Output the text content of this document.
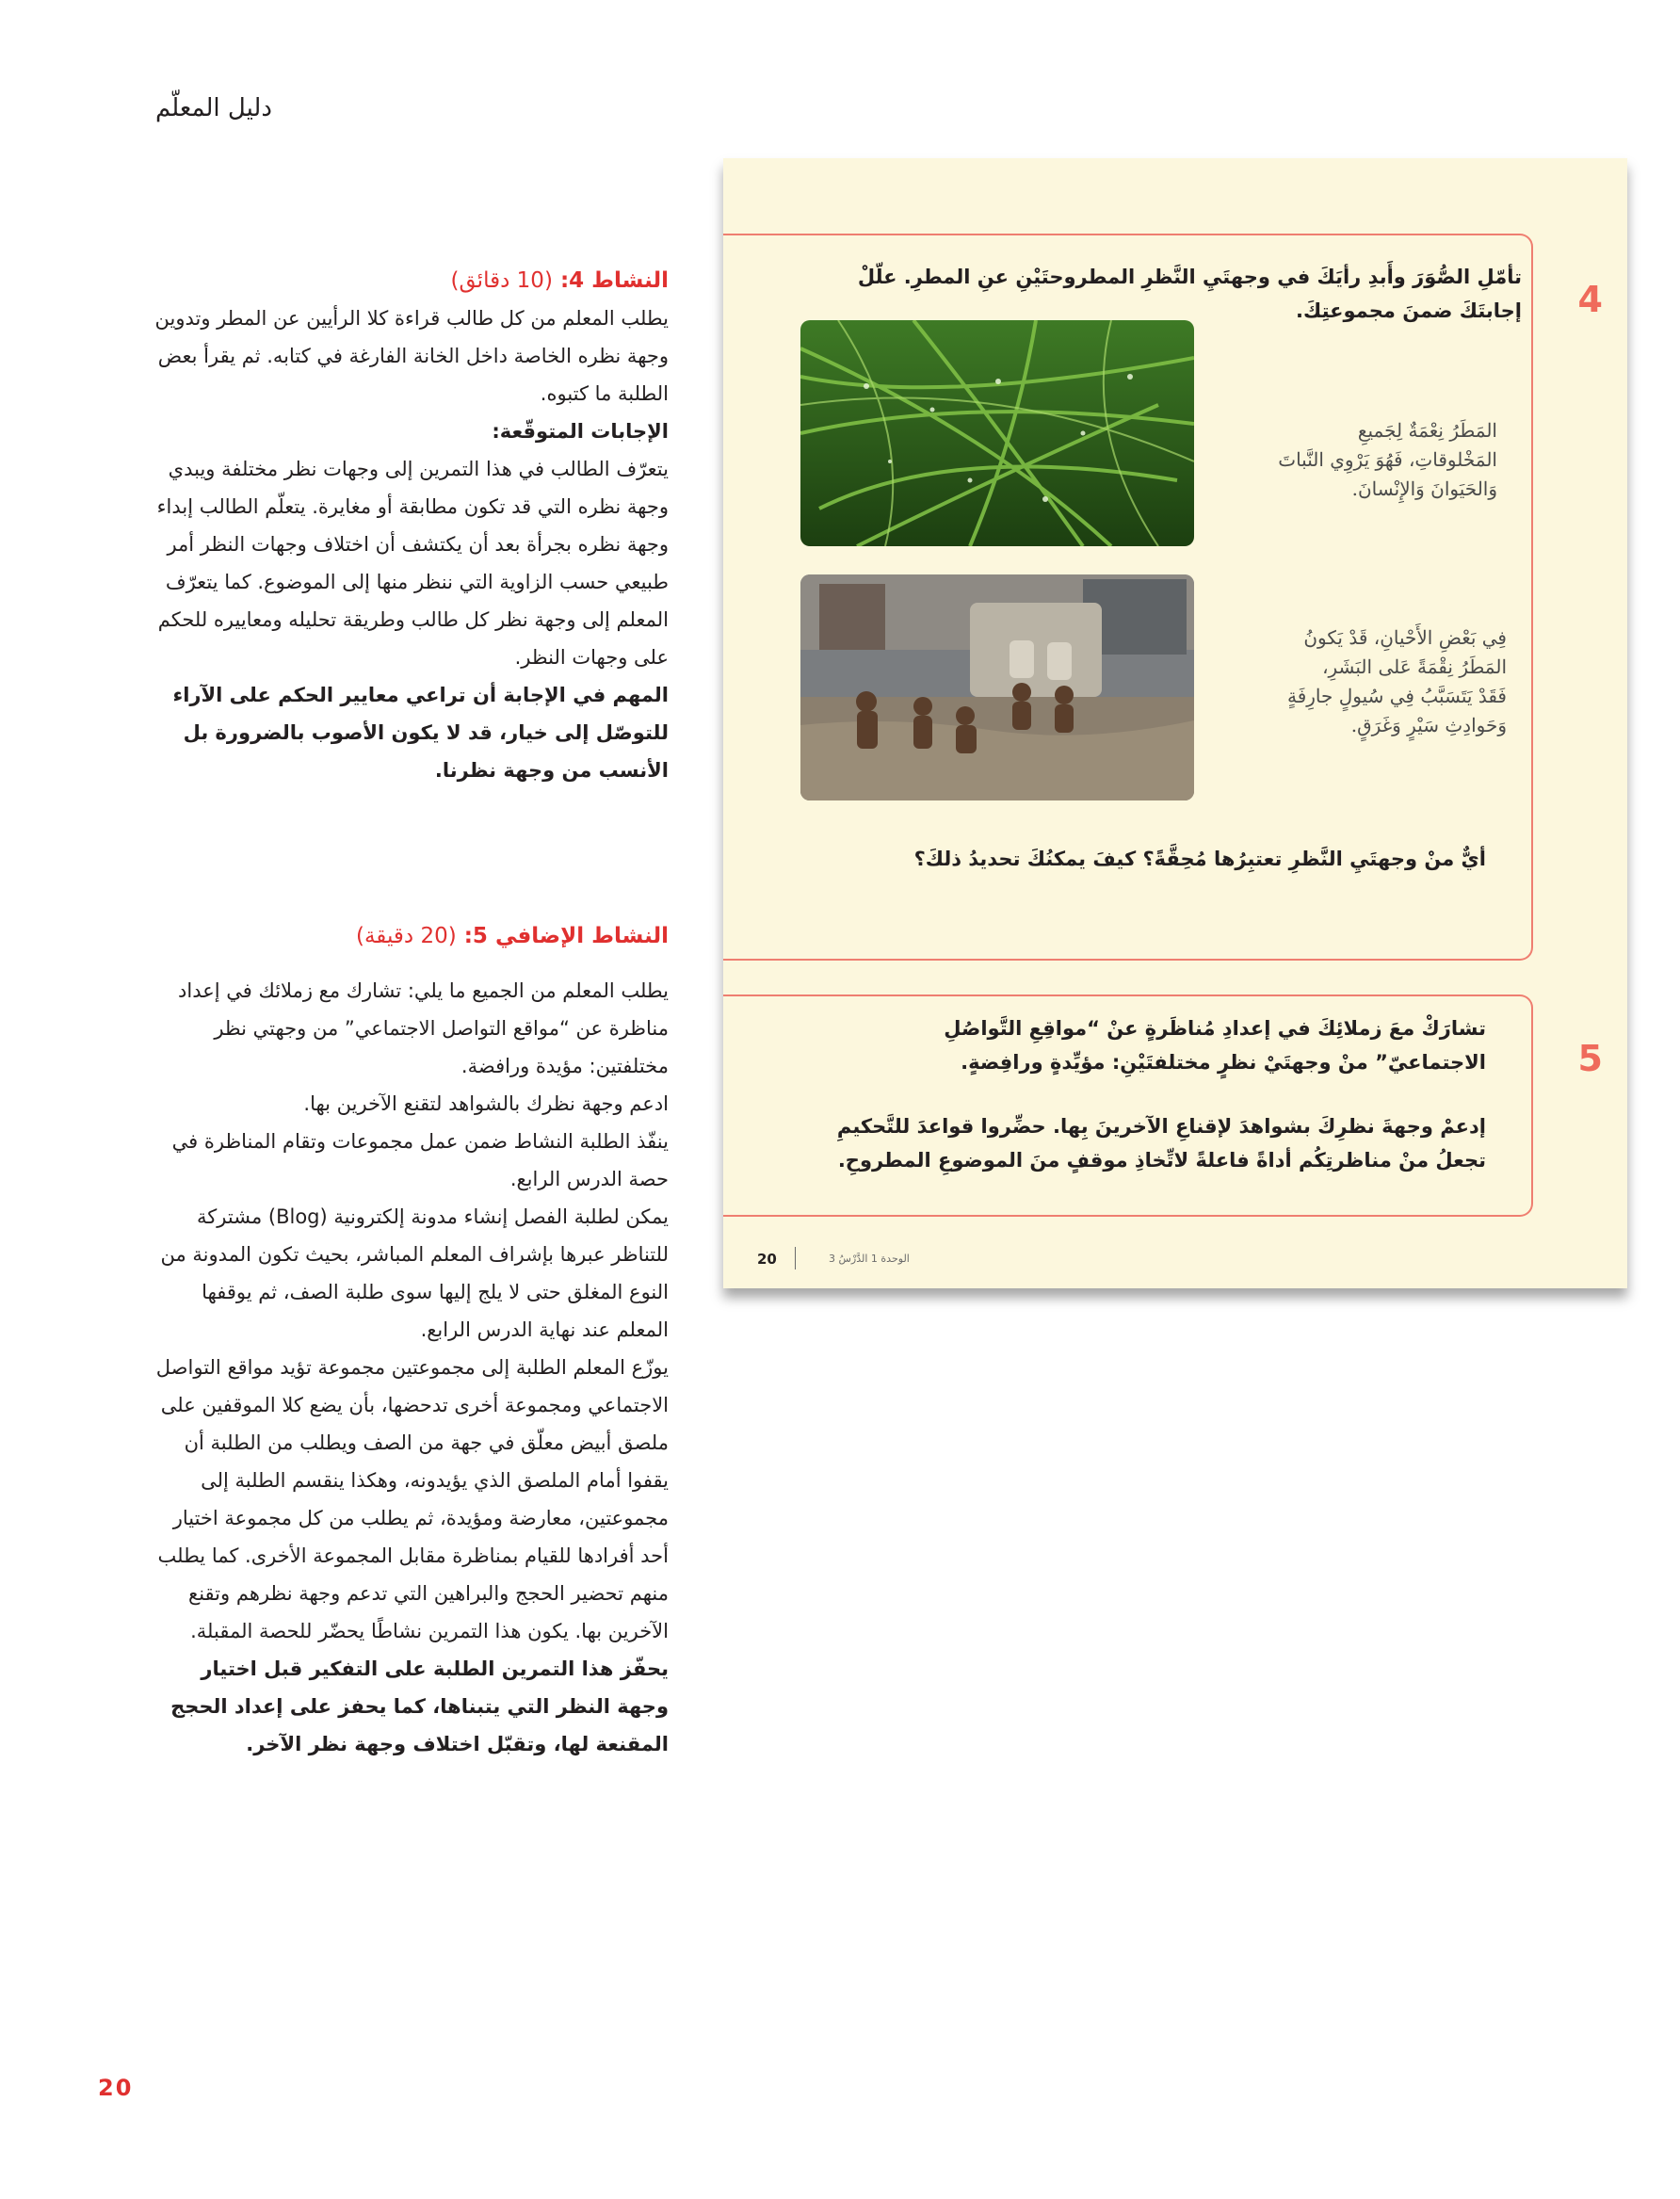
دليل المعلّم

النشاط 4: (10 دقائق)

يطلب المعلم من كل طالب قراءة كلا الرأيين عن المطر وتدوين وجهة نظره الخاصة داخل الخانة الفارغة في كتابه. ثم يقرأ بعض الطلبة ما كتبوه.

الإجابات المتوقّعة:

يتعرّف الطالب في هذا التمرين إلى وجهات نظر مختلفة ويبدي وجهة نظره التي قد تكون مطابقة أو مغايرة. يتعلّم الطالب إبداء وجهة نظره بجرأة بعد أن يكتشف أن اختلاف وجهات النظر أمر طبيعي حسب الزاوية التي ننظر منها إلى الموضوع. كما يتعرّف المعلم إلى وجهة نظر كل طالب وطريقة تحليله ومعاييره للحكم على وجهات النظر.

المهم في الإجابة أن تراعي معايير الحكم على الآراء للتوصّل إلى خيار، قد لا يكون الأصوب بالضرورة بل الأنسب من وجهة نظرنا.

النشاط الإضافي 5: (20 دقيقة)

يطلب المعلم من الجميع ما يلي: تشارك مع زملائك في إعداد مناظرة عن “مواقع التواصل الاجتماعي” من وجهتي نظر مختلفتين: مؤيدة ورافضة.

ادعم وجهة نظرك بالشواهد لتقنع الآخرين بها.

ينفّذ الطلبة النشاط ضمن عمل مجموعات وتقام المناظرة في حصة الدرس الرابع.

يمكن لطلبة الفصل إنشاء مدونة إلكترونية (Blog) مشتركة للتناظر عبرها بإشراف المعلم المباشر، بحيث تكون المدونة من النوع المغلق حتى لا يلج إليها سوى طلبة الصف، ثم يوقفها المعلم عند نهاية الدرس الرابع.

يوزّع المعلم الطلبة إلى مجموعتين مجموعة تؤيد مواقع التواصل الاجتماعي ومجموعة أخرى تدحضها، بأن يضع كلا الموقفين على ملصق أبيض معلّق في جهة من الصف ويطلب من الطلبة أن يقفوا أمام الملصق الذي يؤيدونه، وهكذا ينقسم الطلبة إلى مجموعتين، معارضة ومؤيدة، ثم يطلب من كل مجموعة اختيار أحد أفرادها للقيام بمناظرة مقابل المجموعة الأخرى. كما يطلب منهم تحضير الحجج والبراهين التي تدعم وجهة نظرهم وتقنع الآخرين بها. يكون هذا التمرين نشاطًا يحضّر للحصة المقبلة. يحفّز هذا التمرين الطلبة على التفكير قبل اختيار وجهة النظر التي يتبناها، كما يحفز على إعداد الحجج المقنعة لها، وتقبّل اختلاف وجهة نظر الآخر.

4
تأمّلِ الصُّوَرَ وأَبدِ رأيَكَ في وجهتَيِ النَّظرِ المطروحتَيْنِ عنِ المطرِ. علّلْ إجابتَكَ ضمنَ مجموعتِكَ.
المَطَرُ نِعْمَةٌ لِجَميعِ
المَخْلوقاتِ، فَهُوَ يَرْوِي النَّباتَ
وَالحَيَوانَ وَالإِنْسانَ.
فِي بَعْضِ الأَحْيانِ، قَدْ يَكونُ
المَطَرُ نِقْمَةً عَلى البَشَرِ،
فَقَدْ يَتَسَبَّبُ فِي سُيولٍ جارِفَةٍ
وَحَوادِثِ سَيْرٍ وَغَرَقٍ.
أيٌّ منْ وجهتَيِ النَّظرِ تعتبِرُها مُحِقَّةً؟ كيفَ يمكنُكَ تحديدُ ذلكَ؟
5
تشارَكْ معَ زملائِكَ في إعدادِ مُناظَرةٍ عنْ “مواقِعِ التَّواصُلِ الاجتماعيّ” منْ وجهتَيْ نظرٍ مختلفتَيْنِ: مؤيِّدةٍ ورافِضةٍ.
إدعمْ وجهةَ نظرِكَ بشواهدَ لإقناعِ الآخرينَ بِها. حضِّروا قواعدَ للتَّحكيمِ تجعلُ منْ مناظرتِكُم أداةً فاعلةً لاتِّخاذِ موقفٍ منَ الموضوعِ المطروحِ.
الوحدة 1 الدَّرْسُ 3
20
20
